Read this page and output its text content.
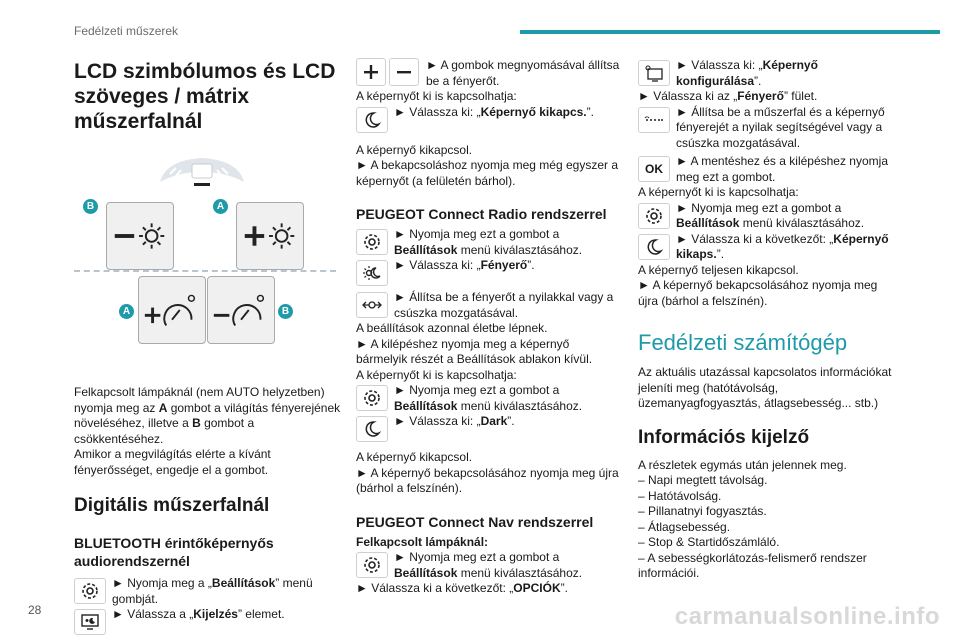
Fedélzeti műszerek
LCD szimbólumos és LCD szöveges / mátrix műszerfalnál
B	A
A	B

Felkapcsolt lámpáknál (nem AUTO helyzetben) nyomja meg az A gombot a világítás fényerejének növeléséhez, illetve a B gombot a csökkentéséhez.

Amikor a megvilágítás elérte a kívánt fényerősséget, engedje el a gombot.

Digitális műszerfalnál
BLUETOOTH érintőképernyős audiorendszernél

► Nyomja meg a „Beállítások” menü gombját.

► Válassza a „Kijelzés” elemet.

► A gombok megnyomásával állítsa be a fényerőt.

A képernyőt ki is kapcsolhatja:

► Válassza ki: „Képernyő kikapcs.”.

A képernyő kikapcsol.

► A bekapcsoláshoz nyomja meg még egyszer a képernyőt (a felületén bárhol).

PEUGEOT Connect Radio rendszerrel

► Nyomja meg ezt a gombot a Beállítások menü kiválasztásához.

► Válassza ki: „Fényerő”.

► Állítsa be a fényerőt a nyilakkal vagy a csúszka mozgatásával.

A beállítások azonnal életbe lépnek.

► A kilépéshez nyomja meg a képernyő bármelyik részét a Beállítások ablakon kívül.

A képernyőt ki is kapcsolhatja:

► Nyomja meg ezt a gombot a Beállítások menü kiválasztásához.

► Válassza ki: „Dark”.

A képernyő kikapcsol.

► A képernyő bekapcsolásához nyomja meg újra (bárhol a felszínén).

PEUGEOT Connect Nav rendszerrel

Felkapcsolt lámpáknál:

► Nyomja meg ezt a gombot a Beállítások menü kiválasztásához.

► Válassza ki a következőt: „OPCIÓK”.

► Válassza ki: „Képernyő konfigurálása”.

► Válassza ki az „Fényerő” fület.

► Állítsa be a műszerfal és a képernyő fényerejét a nyilak segítségével vagy a csúszka mozgatásával.

OK

► A mentéshez és a kilépéshez nyomja meg ezt a gombot.

A képernyőt ki is kapcsolhatja:

► Nyomja meg ezt a gombot a Beállítások menü kiválasztásához.

► Válassza ki a következőt: „Képernyő kikaps.”.

A képernyő teljesen kikapcsol.

► A képernyő bekapcsolásához nyomja meg újra (bárhol a felszínén).

Fedélzeti számítógép

Az aktuális utazással kapcsolatos információkat jeleníti meg (hatótávolság, üzemanyagfogyasztás, átlagsebesség... stb.)

Információs kijelző

A részletek egymás után jelennek meg.

– Napi megtett távolság.

– Hatótávolság.

– Pillanatnyi fogyasztás.

– Átlagsebesség.

– Stop & Startidőszámláló.

– A sebességkorlátozás-felismerő rendszer információi.

28	carmanualsonline.info
